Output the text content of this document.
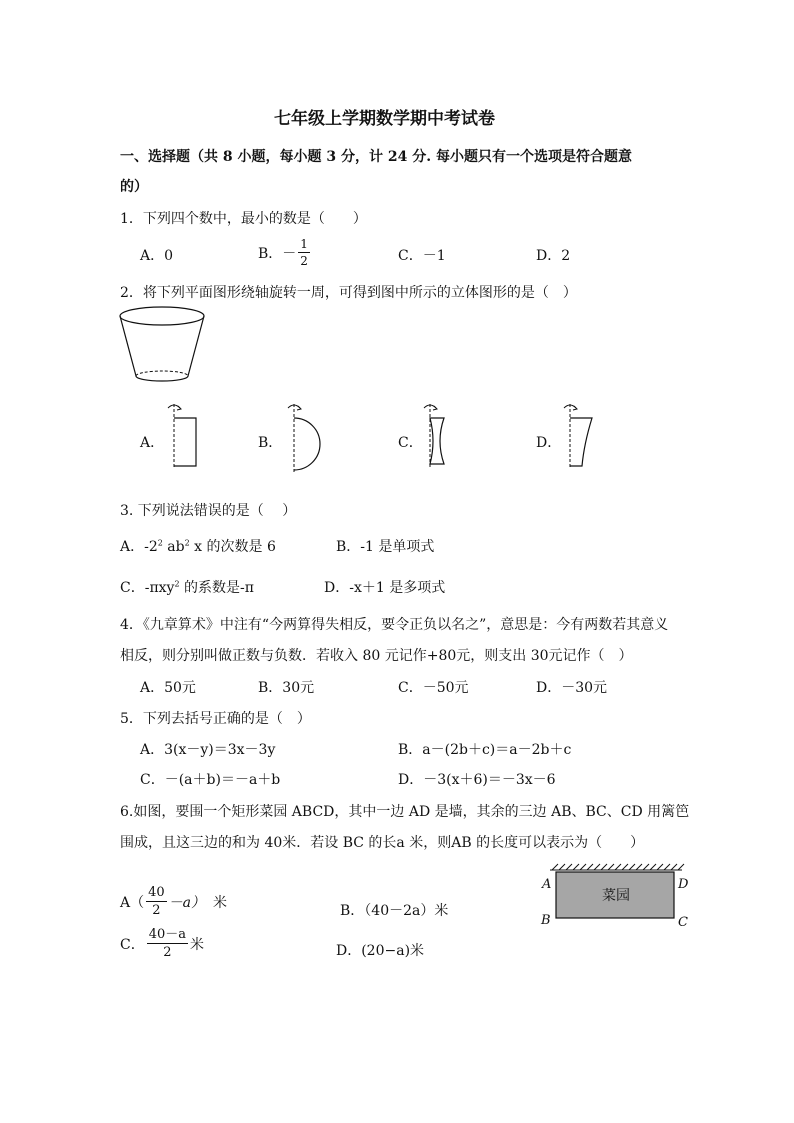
七年级上学期数学期中考试卷
一、选择题（共 8 小题，每小题 3 分，计 24 分. 每小题只有一个选项是符合题意
的）
1．下列四个数中，最小的数是（　　）
A．0	B．－ $\frac{1}{2}$	C．－1	D．2
2．将下列平面图形绕轴旋转一周，可得到图中所示的立体图形的是（　）
A．	B．	C．	D．
3. 下列说法错误的是（　 ）
A．$-2^2$ $ab^2$ x 的次数是 6	B．-1 是单项式
C．-πxy$^2$ 的系数是-π	D．-x＋1 是多项式
4．《九章算术》中注有“今两算得失相反，要令正负以名之”，意思是：今有两数若其意义
相反，则分别叫做正数与负数．若收入 80 元记作+80元，则支出 30元记作（　）
A．50元	B．30元	C．－50元	D．－30元
5．下列去括号正确的是（　）
A．3(x－y)＝3x－3y	B．a－(2b＋c)＝a－2b＋c
C．－(a＋b)＝－a＋b	D．－3(x＋6)＝－3x－6
6.如图，要围一个矩形菜园 ABCD，其中一边 AD 是墙，其余的三边 AB、BC、CD 用篱笆
围成，且这三边的和为 40米．若设 BC 的长a 米，则AB 的长度可以表示为（　　）
$A( \frac{40}{2} -a)$ 米
B．（40－2a）米
C． $\frac{40-a}{2}$ 米	D．(20−a)米
菜园
A	D
B	C
